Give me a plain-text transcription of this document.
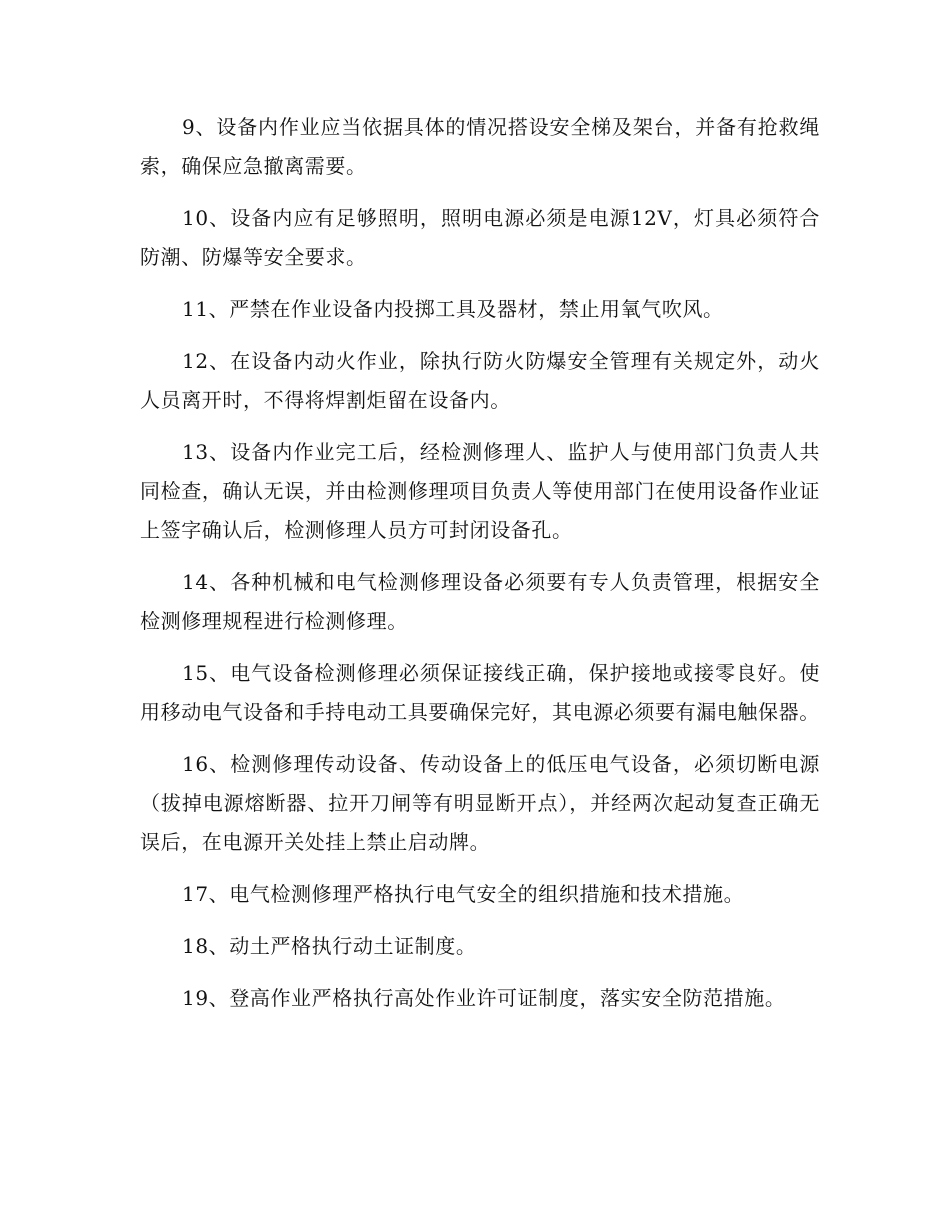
9、设备内作业应当依据具体的情况搭设安全梯及架台，并备有抢救绳索，确保应急撤离需要。

10、设备内应有足够照明，照明电源必须是电源12V，灯具必须符合防潮、防爆等安全要求。

11、严禁在作业设备内投掷工具及器材，禁止用氧气吹风。

12、在设备内动火作业，除执行防火防爆安全管理有关规定外，动火人员离开时，不得将焊割炬留在设备内。

13、设备内作业完工后，经检测修理人、监护人与使用部门负责人共同检查，确认无误，并由检测修理项目负责人等使用部门在使用设备作业证上签字确认后，检测修理人员方可封闭设备孔。

14、各种机械和电气检测修理设备必须要有专人负责管理，根据安全检测修理规程进行检测修理。

15、电气设备检测修理必须保证接线正确，保护接地或接零良好。使用移动电气设备和手持电动工具要确保完好，其电源必须要有漏电触保器。

16、检测修理传动设备、传动设备上的低压电气设备，必须切断电源（拔掉电源熔断器、拉开刀闸等有明显断开点），并经两次起动复查正确无误后，在电源开关处挂上禁止启动牌。

17、电气检测修理严格执行电气安全的组织措施和技术措施。

18、动土严格执行动土证制度。

19、登高作业严格执行高处作业许可证制度，落实安全防范措施。
